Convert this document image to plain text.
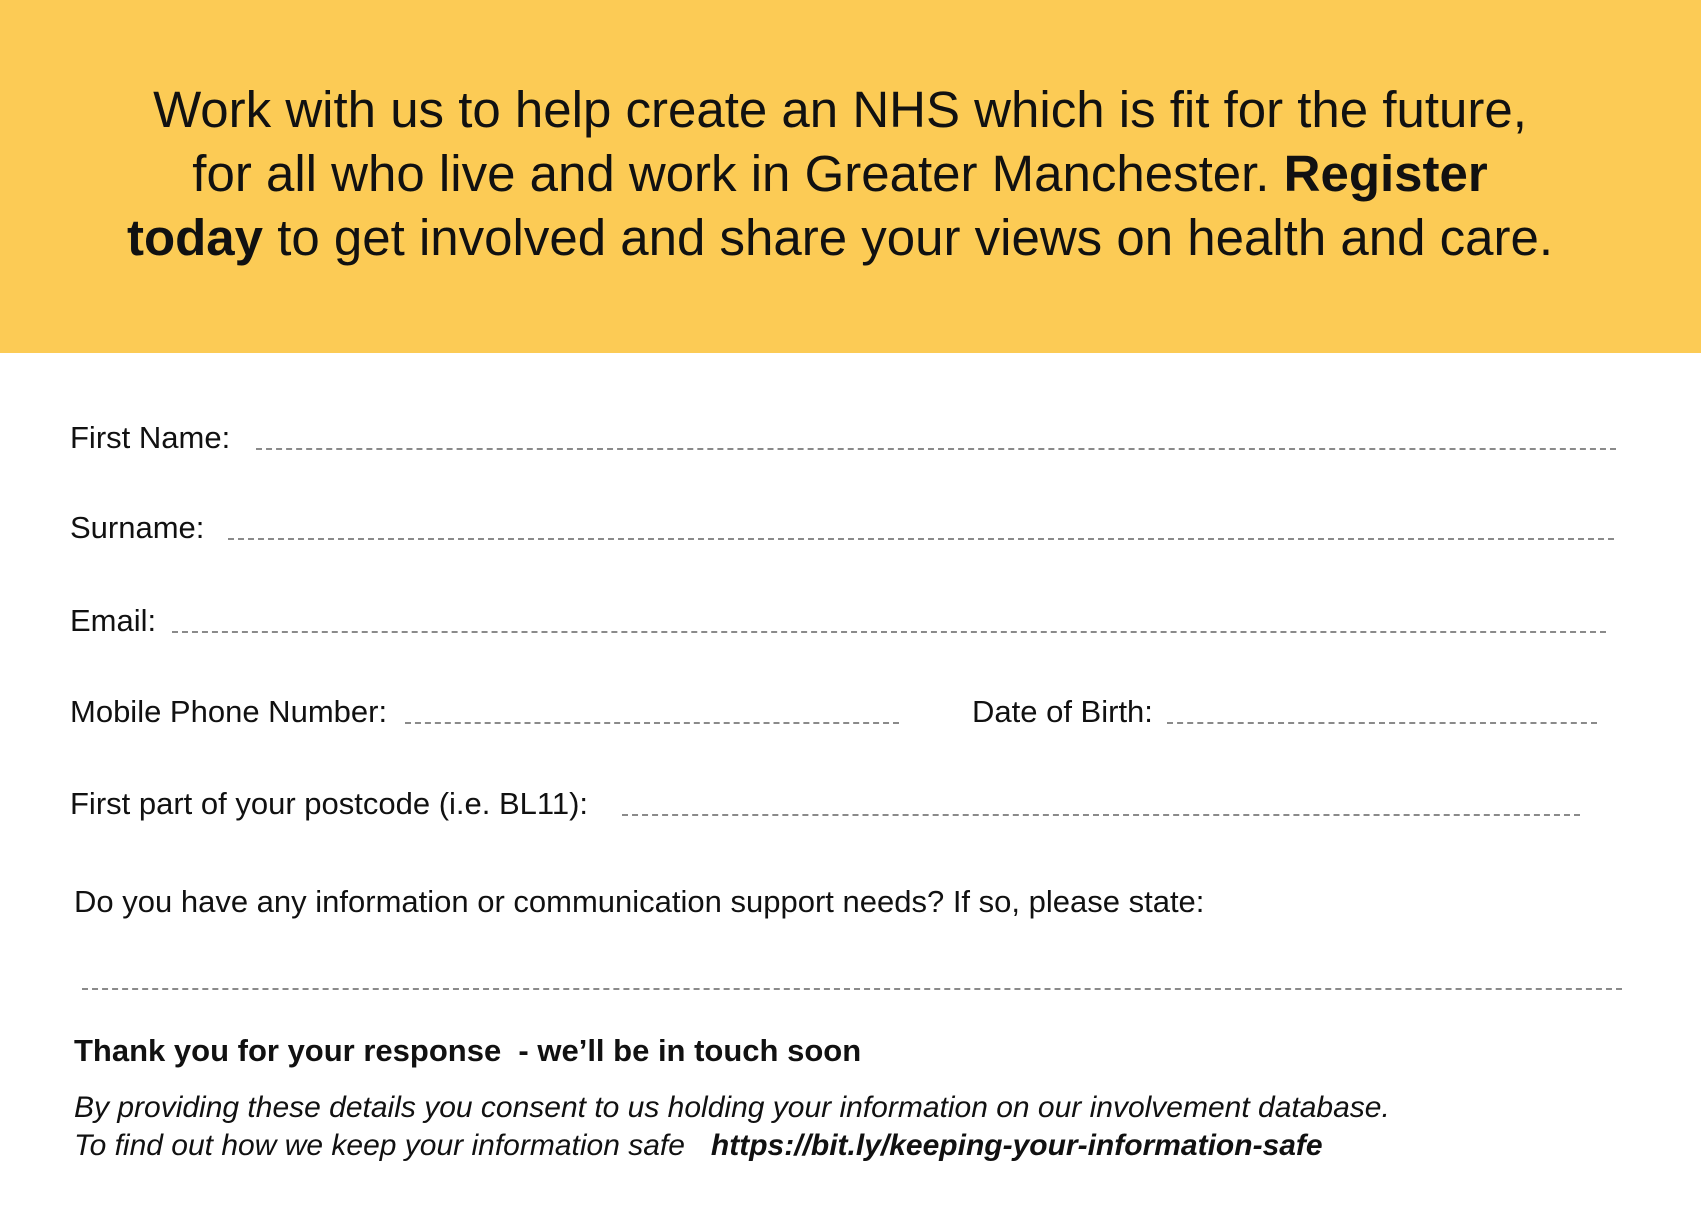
Work with us to help create an NHS which is fit for the future,
for all who live and work in Greater Manchester. Register
today to get involved and share your views on health and care.
First Name:
Surname:
Email:
Mobile Phone Number:	Date of Birth:
First part of your postcode (i.e. BL11):
Do you have any information or communication support needs? If so, please state:
Thank you for your response  - we’ll be in touch soon
By providing these details you consent to us holding your information on our involvement database.
To find out how we keep your information safe https://bit.ly/keeping-your-information-safe
